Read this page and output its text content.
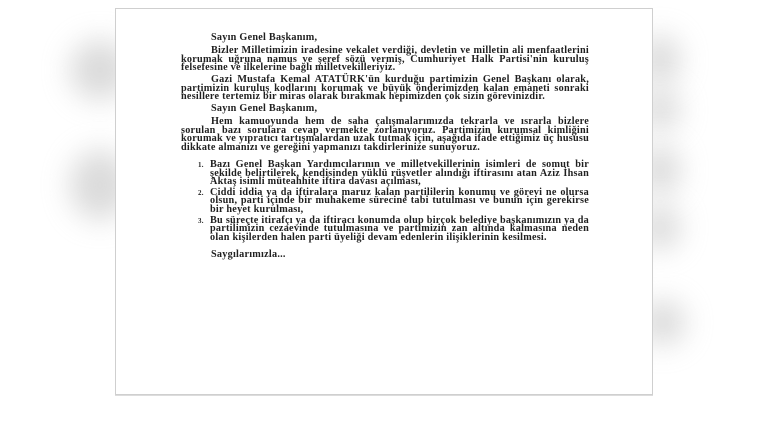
Sayın Genel Başkanım,

Bizler Milletimizin iradesine vekalet verdiği, devletin ve milletin ali menfaatlerini korumak uğruna namus ve şeref sözü vermiş, Cumhuriyet Halk Partisi'nin kuruluş felsefesine ve ilkelerine bağlı milletvekilleriyiz.

Gazi Mustafa Kemal ATATÜRK'ün kurduğu partimizin Genel Başkanı olarak, partimizin kuruluş kodlarını korumak ve büyük önderimizden kalan emaneti sonraki nesillere tertemiz bir miras olarak bırakmak hepimizden çok sizin görevinizdir.

Sayın Genel Başkanım,

Hem kamuoyunda hem de saha çalışmalarımızda tekrarla ve ısrarla bizlere sorulan bazı sorulara cevap vermekte zorlanıyoruz. Partimizin kurumsal kimliğini korumak ve yıpratıcı tartışmalardan uzak tutmak için, aşağıda ifade ettiğimiz üç hususu dikkate almanızı ve gereğini yapmanızı takdirlerinize sunuyoruz.

1. Bazı Genel Başkan Yardımcılarının ve milletvekillerinin isimleri de somut bir şekilde belirtilerek, kendisinden yüklü rüşvetler alındığı iftirasını atan Aziz İhsan Aktaş isimli müteahhite iftira davası açılması,
2. Ciddi iddia ya da iftiralara maruz kalan partililerin konumu ve görevi ne olursa olsun, parti içinde bir muhakeme sürecine tabi tutulması ve bunun için gerekirse bir heyet kurulması,
3. Bu süreçte itirafçı ya da iftiracı konumda olup birçok belediye başkanımızın ya da partilimizin cezaevinde tutulmasına ve partimizin zan altında kalmasına neden olan kişilerden halen parti üyeliği devam edenlerin ilişiklerinin kesilmesi.
Saygılarımızla...
